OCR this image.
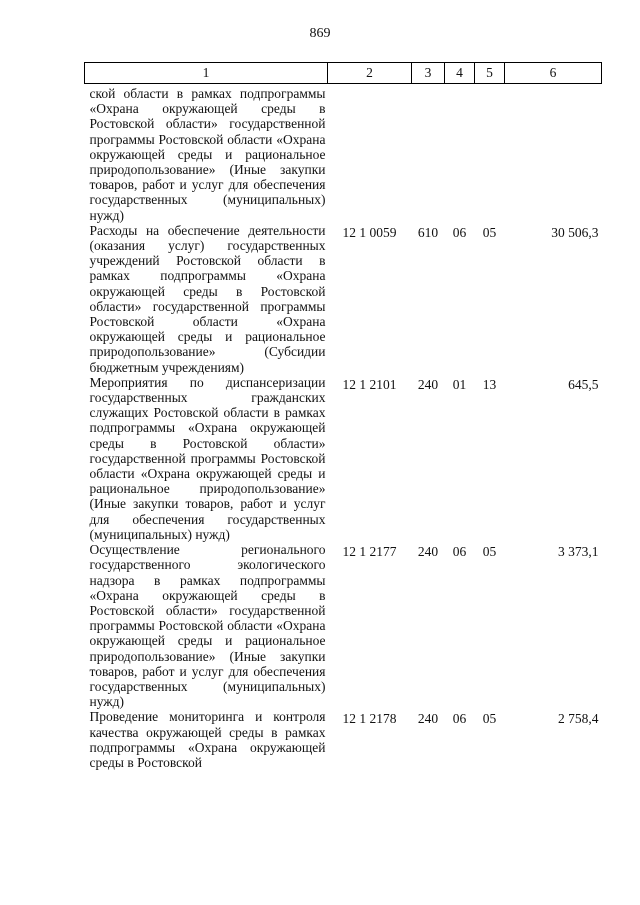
869
1	2	3	4	5	6
ской области в рамках подпрограммы «Охрана окружающей среды в Ростовской области» государственной программы Ростовской области «Охрана окружающей среды и рациональное природопользование» (Иные закупки товаров, работ и услуг для обеспечения государственных (муниципальных) нужд)					
Расходы на обеспечение деятельности (оказания услуг) государственных учреждений Ростовской области в рамках подпрограммы «Охрана окружающей среды в Ростовской области» государственной программы Ростовской области «Охрана окружающей среды и рациональное природопользование» (Субсидии бюджетным учреждениям)	12 1 0059	610	06	05	30 506,3
Мероприятия по диспансеризации государственных гражданских служащих Ростовской области в рамках подпрограммы «Охрана окружающей среды в Ростовской области» государственной программы Ростовской области «Охрана окружающей среды и рациональное природопользование» (Иные закупки товаров, работ и услуг для обеспечения государственных (муниципальных) нужд)	12 1 2101	240	01	13	645,5
Осуществление регионального государственного экологического надзора в рамках подпрограммы «Охрана окружающей среды в Ростовской области» государственной программы Ростовской области «Охрана окружающей среды и рациональное природопользование» (Иные закупки товаров, работ и услуг для обеспечения государственных (муниципальных) нужд)	12 1 2177	240	06	05	3 373,1
Проведение мониторинга и контроля качества окружающей среды в рамках подпрограммы «Охрана окружающей среды в Ростовской	12 1 2178	240	06	05	2 758,4
